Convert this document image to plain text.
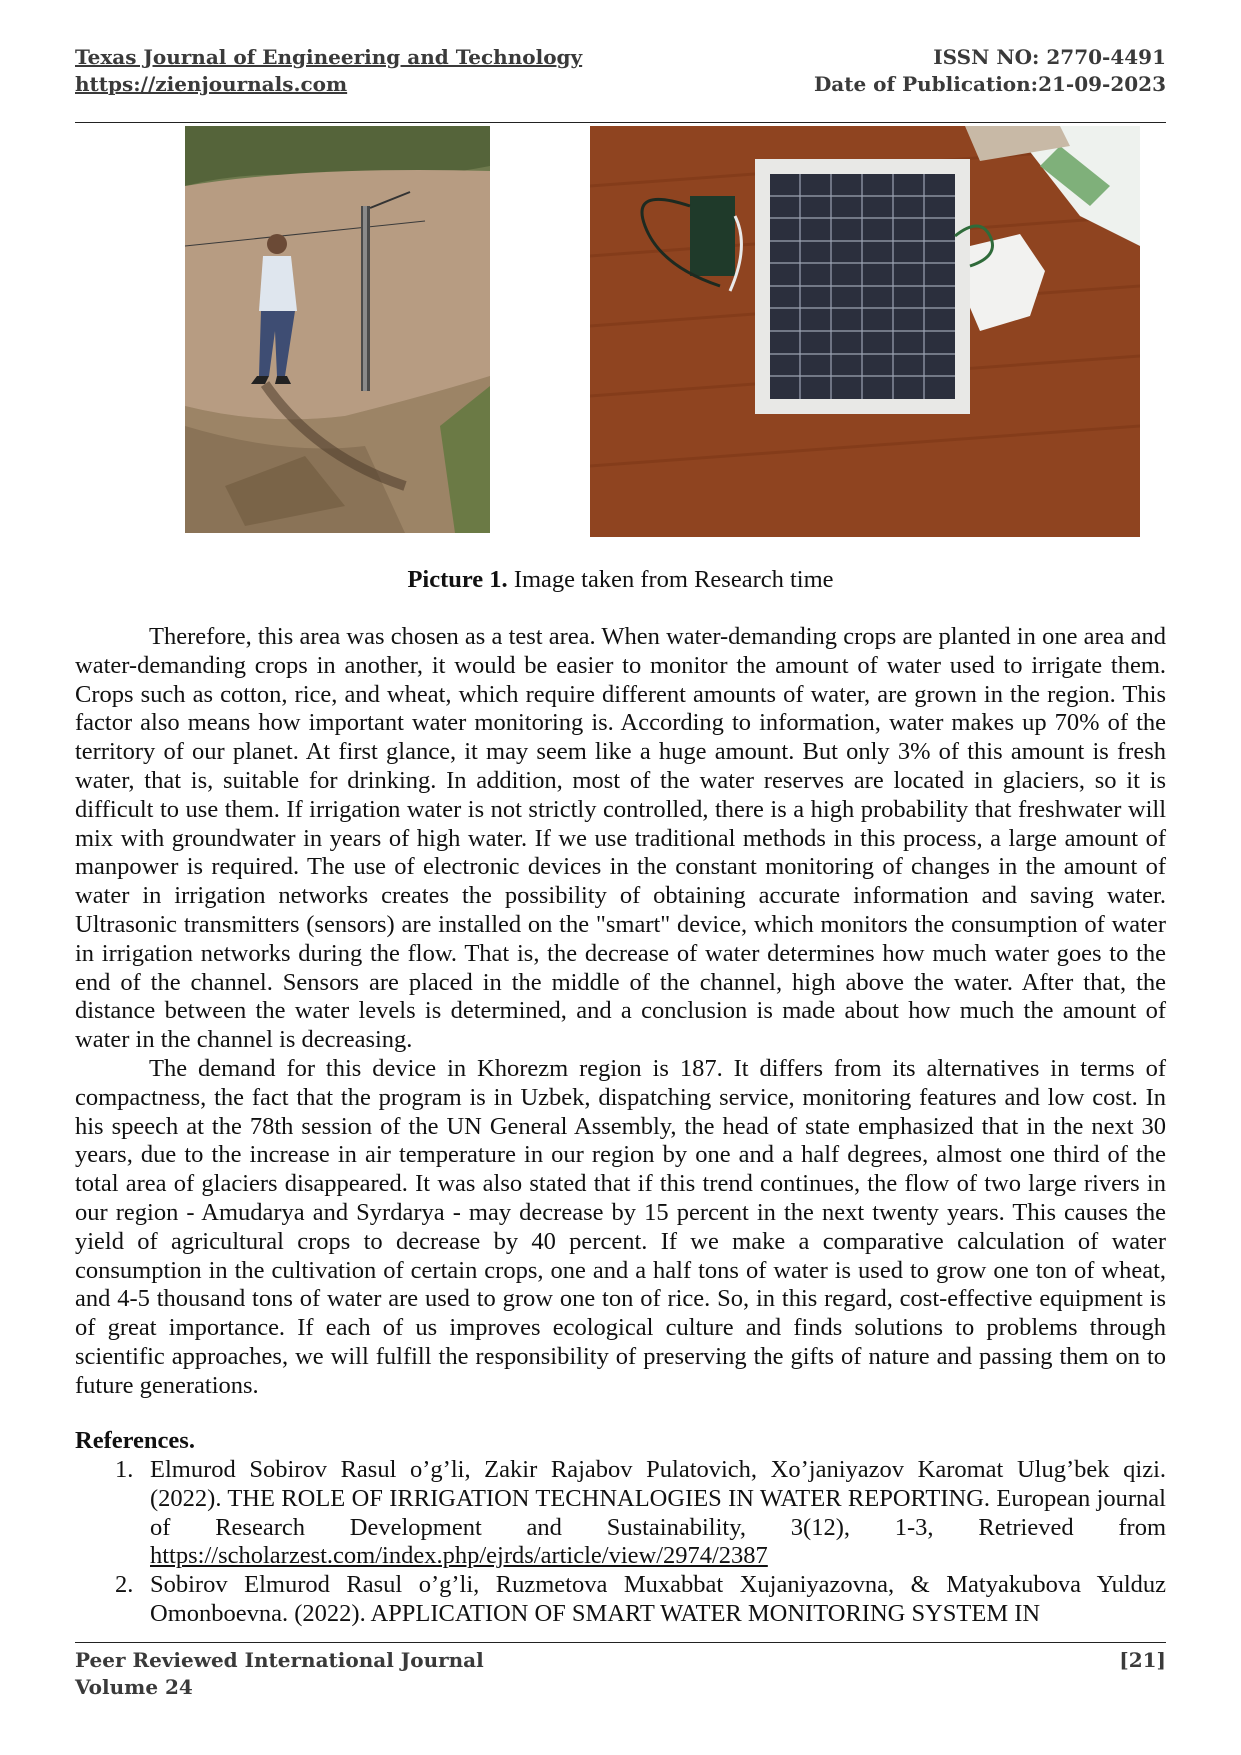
Texas Journal of Engineering and Technology
https://zienjournals.com
ISSN NO: 2770-4491
Date of Publication:21-09-2023
Picture 1. Image taken from Research time

Therefore, this area was chosen as a test area. When water-demanding crops are planted in one area and water-demanding crops in another, it would be easier to monitor the amount of water used to irrigate them. Crops such as cotton, rice, and wheat, which require different amounts of water, are grown in the region. This factor also means how important water monitoring is. According to information, water makes up 70% of the territory of our planet. At first glance, it may seem like a huge amount. But only 3% of this amount is fresh water, that is, suitable for drinking. In addition, most of the water reserves are located in glaciers, so it is difficult to use them. If irrigation water is not strictly controlled, there is a high probability that freshwater will mix with groundwater in years of high water. If we use traditional methods in this process, a large amount of manpower is required. The use of electronic devices in the constant monitoring of changes in the amount of water in irrigation networks creates the possibility of obtaining accurate information and saving water. Ultrasonic transmitters (sensors) are installed on the "smart" device, which monitors the consumption of water in irrigation networks during the flow. That is, the decrease of water determines how much water goes to the end of the channel. Sensors are placed in the middle of the channel, high above the water. After that, the distance between the water levels is determined, and a conclusion is made about how much the amount of water in the channel is decreasing.

The demand for this device in Khorezm region is 187. It differs from its alternatives in terms of compactness, the fact that the program is in Uzbek, dispatching service, monitoring features and low cost. In his speech at the 78th session of the UN General Assembly, the head of state emphasized that in the next 30 years, due to the increase in air temperature in our region by one and a half degrees, almost one third of the total area of glaciers disappeared. It was also stated that if this trend continues, the flow of two large rivers in our region - Amudarya and Syrdarya - may decrease by 15 percent in the next twenty years. This causes the yield of agricultural crops to decrease by 40 percent. If we make a comparative calculation of water consumption in the cultivation of certain crops, one and a half tons of water is used to grow one ton of wheat, and 4-5 thousand tons of water are used to grow one ton of rice. So, in this regard, cost-effective equipment is of great importance. If each of us improves ecological culture and finds solutions to problems through scientific approaches, we will fulfill the responsibility of preserving the gifts of nature and passing them on to future generations.

References.
1. Elmurod Sobirov Rasul o’g’li, Zakir Rajabov Pulatovich, Xo’janiyazov Karomat Ulug’bek qizi. (2022). THE ROLE OF IRRIGATION TECHNALOGIES IN WATER REPORTING. European journal of Research Development and Sustainability, 3(12), 1-3, Retrieved from https://scholarzest.com/index.php/ejrds/article/view/2974/2387
2. Sobirov Elmurod Rasul o’g’li, Ruzmetova Muxabbat Xujaniyazovna, & Matyakubova Yulduz Omonboevna. (2022). APPLICATION OF SMART WATER MONITORING SYSTEM IN
Peer Reviewed International Journal
Volume 24
[21]
